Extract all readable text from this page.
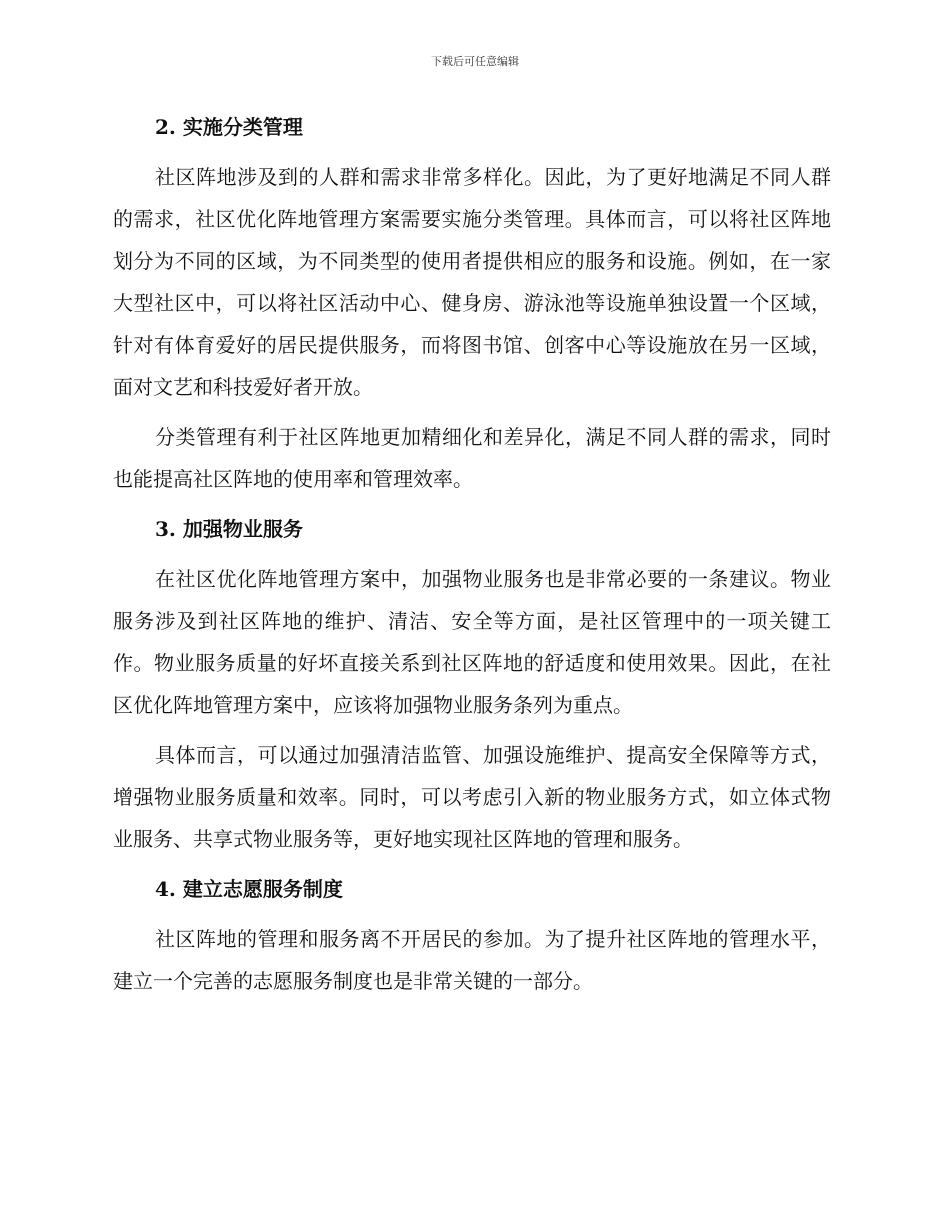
下载后可任意编辑
2. 实施分类管理

社区阵地涉及到的人群和需求非常多样化。因此，为了更好地满足不同人群的需求，社区优化阵地管理方案需要实施分类管理。具体而言，可以将社区阵地划分为不同的区域，为不同类型的使用者提供相应的服务和设施。例如，在一家大型社区中，可以将社区活动中心、健身房、游泳池等设施单独设置一个区域，针对有体育爱好的居民提供服务，而将图书馆、创客中心等设施放在另一区域，面对文艺和科技爱好者开放。

分类管理有利于社区阵地更加精细化和差异化，满足不同人群的需求，同时也能提高社区阵地的使用率和管理效率。

3. 加强物业服务

在社区优化阵地管理方案中，加强物业服务也是非常必要的一条建议。物业服务涉及到社区阵地的维护、清洁、安全等方面，是社区管理中的一项关键工作。物业服务质量的好坏直接关系到社区阵地的舒适度和使用效果。因此，在社区优化阵地管理方案中，应该将加强物业服务条列为重点。

具体而言，可以通过加强清洁监管、加强设施维护、提高安全保障等方式，增强物业服务质量和效率。同时，可以考虑引入新的物业服务方式，如立体式物业服务、共享式物业服务等，更好地实现社区阵地的管理和服务。

4. 建立志愿服务制度

社区阵地的管理和服务离不开居民的参加。为了提升社区阵地的管理水平，建立一个完善的志愿服务制度也是非常关键的一部分。
